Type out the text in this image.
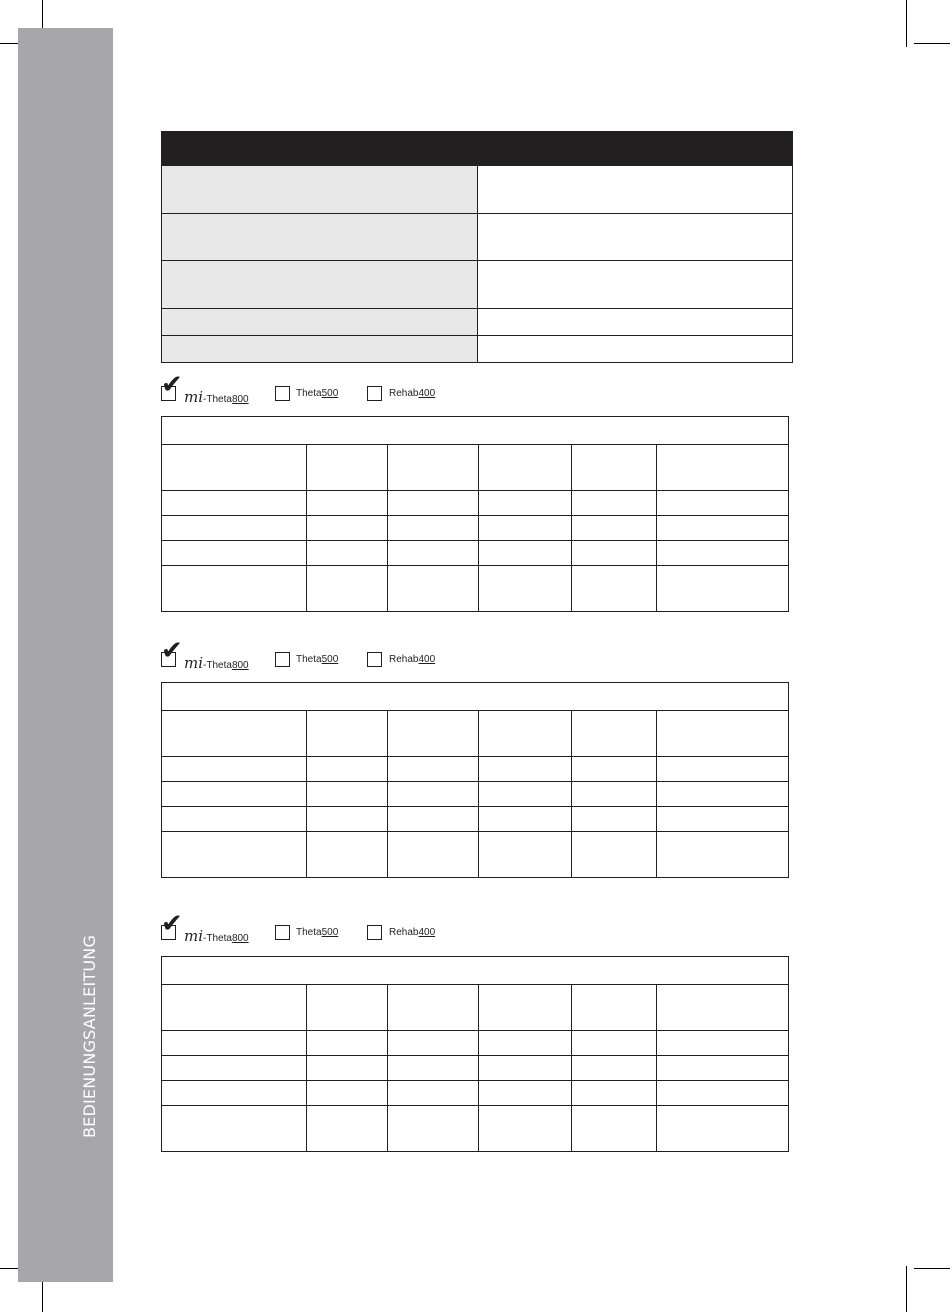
BEDIENUNGSANLEITUNG

✔ mi-Theta800
Theta500	Rehab400

✔ mi-Theta800
Theta500	Rehab400

✔ mi-Theta800
Theta500	Rehab400
